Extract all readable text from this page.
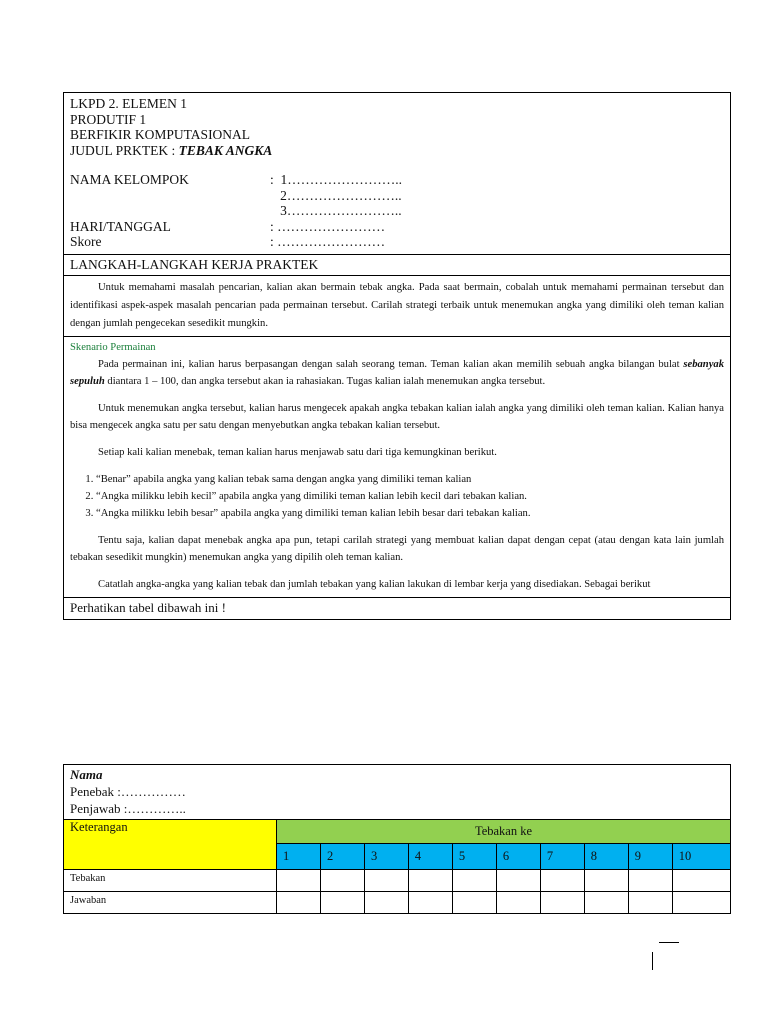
LKPD 2. ELEMEN 1
PRODUTIF 1
BERFIKIR KOMPUTASIONAL
JUDUL PRKTEK : TEBAK ANGKA
NAMA KELOMPOK	:  1……………………..
2……………………..
3……………………..
HARI/TANGGAL	: ……………………
Skore	: ……………………
LANGKAH-LANGKAH KERJA PRAKTEK
Untuk memahami masalah pencarian, kalian akan bermain tebak angka. Pada saat bermain, cobalah untuk memahami permainan tersebut dan identifikasi aspek-aspek masalah pencarian pada permainan tersebut. Carilah strategi terbaik untuk menemukan angka yang dimiliki oleh teman kalian dengan jumlah pengecekan sesedikit mungkin.
Skenario Permainan

Pada permainan ini, kalian harus berpasangan dengan salah seorang teman. Teman kalian akan memilih sebuah angka bilangan bulat sebanyak sepuluh diantara 1 – 100, dan angka tersebut akan ia rahasiakan. Tugas kalian ialah menemukan angka tersebut.

Untuk menemukan angka tersebut, kalian harus mengecek apakah angka tebakan kalian ialah angka yang dimiliki oleh teman kalian. Kalian hanya bisa mengecek angka satu per satu dengan menyebutkan angka tebakan kalian tersebut.

Setiap kali kalian menebak, teman kalian harus menjawab satu dari tiga kemungkinan berikut.

1. “Benar” apabila angka yang kalian tebak sama dengan angka yang dimiliki teman kalian
2. “Angka milikku lebih kecil” apabila angka yang dimiliki teman kalian lebih kecil dari tebakan kalian.
3. “Angka milikku lebih besar” apabila angka yang dimiliki teman kalian lebih besar dari tebakan kalian.

Tentu saja, kalian dapat menebak angka apa pun, tetapi carilah strategi yang membuat kalian dapat dengan cepat (atau dengan kata lain jumlah tebakan sesedikit mungkin) menemukan angka yang dipilih oleh teman kalian.

Catatlah angka-angka yang kalian tebak dan jumlah tebakan yang kalian lakukan di lembar kerja yang disediakan. Sebagai berikut

Perhatikan tabel dibawah ini !
Nama
Penebak :……………
Penjawab :…………..										

Keterangan	Tebakan ke									
	1	2	3	4	5	6	7	8	9	10
Tebakan										
Jawaban										
